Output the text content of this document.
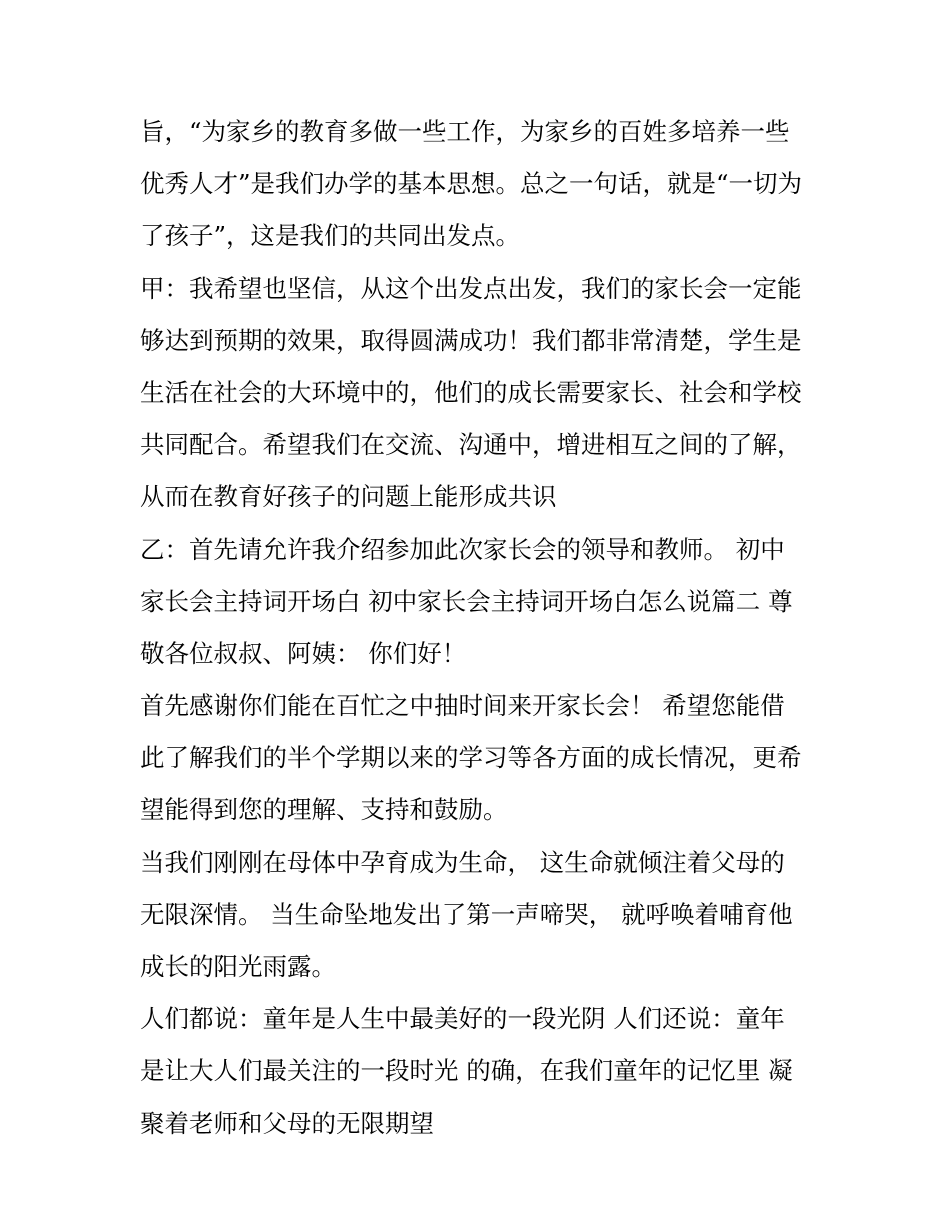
旨，“为家乡的教育多做一些工作，为家乡的百姓多培养一些
优秀人才”是我们办学的基本思想。总之一句话，就是“一切为
了孩子”，这是我们的共同出发点。
甲：我希望也坚信，从这个出发点出发，我们的家长会一定能
够达到预期的效果，取得圆满成功！我们都非常清楚，学生是
生活在社会的大环境中的，他们的成长需要家长、社会和学校
共同配合。希望我们在交流、沟通中，增进相互之间的了解，
从而在教育好孩子的问题上能形成共识
乙：首先请允许我介绍参加此次家长会的领导和教师。 初中
家长会主持词开场白 初中家长会主持词开场白怎么说篇二 尊
敬各位叔叔、阿姨： 你们好！
首先感谢你们能在百忙之中抽时间来开家长会！ 希望您能借
此了解我们的半个学期以来的学习等各方面的成长情况，更希
望能得到您的理解、支持和鼓励。
当我们刚刚在母体中孕育成为生命， 这生命就倾注着父母的
无限深情。 当生命坠地发出了第一声啼哭， 就呼唤着哺育他
成长的阳光雨露。
人们都说：童年是人生中最美好的一段光阴 人们还说：童年
是让大人们最关注的一段时光 的确，在我们童年的记忆里 凝
聚着老师和父母的无限期望
